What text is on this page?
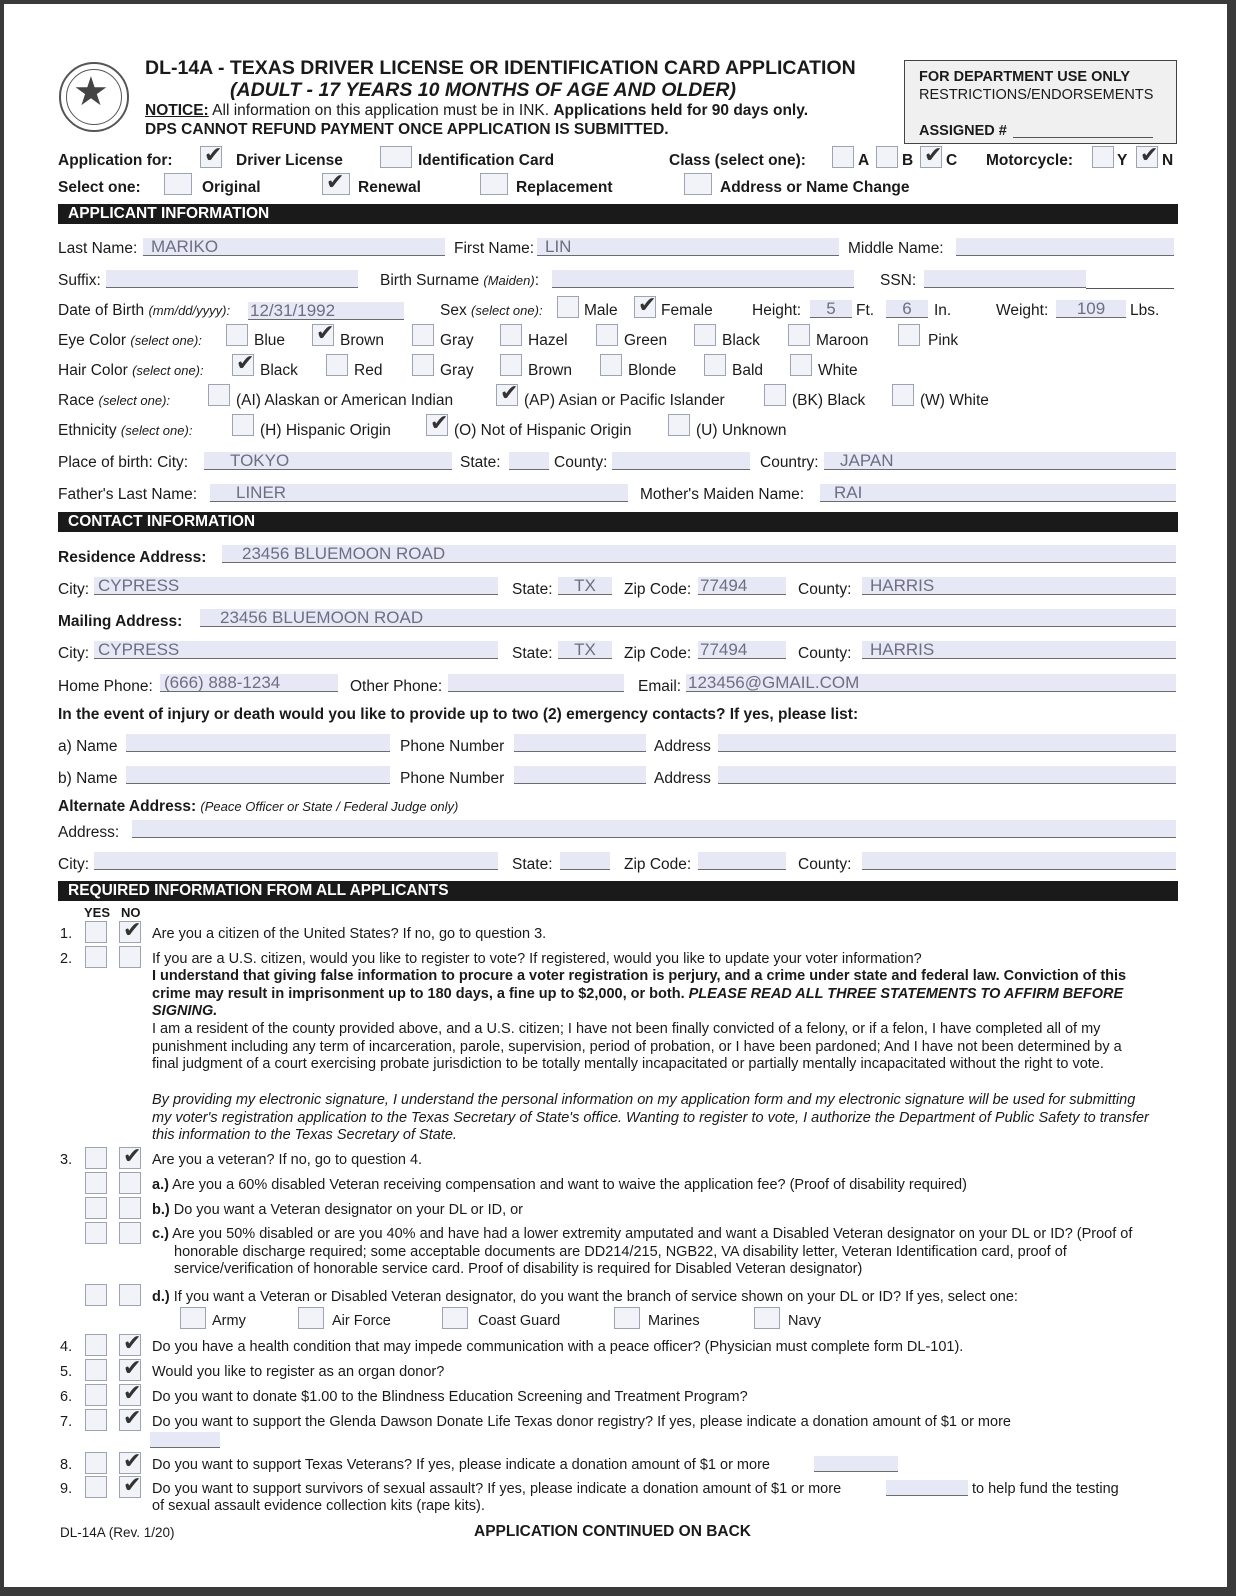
★
DL-14A - TEXAS DRIVER LICENSE OR IDENTIFICATION CARD APPLICATION
(ADULT - 17 YEARS 10 MONTHS OF AGE AND OLDER)
NOTICE: All information on this application must be in INK. Applications held for 90 days only.
DPS CANNOT REFUND PAYMENT ONCE APPLICATION IS SUBMITTED.
FOR DEPARTMENT USE ONLY
RESTRICTIONS/ENDORSEMENTS
ASSIGNED #
Application for: ✔ Driver License	Identification Card	Class (select one):	A B ✔ C Motorcycle:	Y ✔ N
Select one:	Original	✔ Renewal	Replacement	Address or Name Change
APPLICANT INFORMATION
Last Name: MARIKO	First Name: LIN	Middle Name:
Suffix:	Birth Surname (Maiden):	SSN:
Date of Birth (mm/dd/yyyy): 12/31/1992	Sex (select one):	Male ✔ Female	Height:	5	Ft.	6	In.	Weight:	109	Lbs.
Eye Color (select one):	Blue ✔ Brown	Gray	Hazel	Green	Black	Maroon	Pink
Hair Color (select one): ✔ Black	Red	Gray	Brown	Blonde	Bald	White
Race (select one):	(AI) Alaskan or American Indian ✔ (AP) Asian or Pacific Islander	(BK) Black	(W) White
Ethnicity (select one):	(H) Hispanic Origin ✔ (O) Not of Hispanic Origin	(U) Unknown
Place of birth: City:	TOKYO	State:	County:	Country:	JAPAN
Father's Last Name:	LINER	Mother's Maiden Name:	RAI
CONTACT INFORMATION
Residence Address:	23456 BLUEMOON ROAD
City: CYPRESS	State:	TX	Zip Code: 77494	County:	HARRIS
Mailing Address:	23456 BLUEMOON ROAD
City: CYPRESS	State:	TX	Zip Code: 77494	County:	HARRIS
Home Phone: (666) 888-1234	Other Phone:	Email: 123456@GMAIL.COM
In the event of injury or death would you like to provide up to two (2) emergency contacts? If yes, please list:
a) Name	Phone Number	Address
b) Name	Phone Number	Address
Alternate Address: (Peace Officer or State / Federal Judge only)
Address:
City:	State:	Zip Code:	County:
REQUIRED INFORMATION FROM ALL APPLICANTS
YES NO
1. ✔ Are you a citizen of the United States? If no, go to question 3.
2.	If you are a U.S. citizen, would you like to register to vote? If registered, would you like to update your voter information?
I understand that giving false information to procure a voter registration is perjury, and a crime under state and federal law. Conviction of this crime may result in imprisonment up to 180 days, a fine up to $2,000, or both. PLEASE READ ALL THREE STATEMENTS TO AFFIRM BEFORE SIGNING.
I am a resident of the county provided above, and a U.S. citizen; I have not been finally convicted of a felony, or if a felon, I have completed all of my punishment including any term of incarceration, parole, supervision, period of probation, or I have been pardoned; And I have not been determined by a final judgment of a court exercising probate jurisdiction to be totally mentally incapacitated or partially mentally incapacitated without the right to vote.
By providing my electronic signature, I understand the personal information on my application form and my electronic signature will be used for submitting my voter's registration application to the Texas Secretary of State's office. Wanting to register to vote, I authorize the Department of Public Safety to transfer this information to the Texas Secretary of State.
3. ✔ Are you a veteran? If no, go to question 4.
a.) Are you a 60% disabled Veteran receiving compensation and want to waive the application fee? (Proof of disability required)
b.) Do you want a Veteran designator on your DL or ID, or
c.) Are you 50% disabled or are you 40% and have had a lower extremity amputated and want a Disabled Veteran designator on your DL or ID? (Proof of honorable discharge required; some acceptable documents are DD214/215, NGB22, VA disability letter, Veteran Identification card, proof of service/verification of honorable service card. Proof of disability is required for Disabled Veteran designator)
d.) If you want a Veteran or Disabled Veteran designator, do you want the branch of service shown on your DL or ID? If yes, select one:
Army	Air Force	Coast Guard	Marines	Navy
4. ✔ Do you have a health condition that may impede communication with a peace officer? (Physician must complete form DL-101).
5. ✔ Would you like to register as an organ donor?
6. ✔ Do you want to donate $1.00 to the Blindness Education Screening and Treatment Program?
7. ✔ Do you want to support the Glenda Dawson Donate Life Texas donor registry? If yes, please indicate a donation amount of $1 or more
8. ✔ Do you want to support Texas Veterans? If yes, please indicate a donation amount of $1 or more
9. ✔ Do you want to support survivors of sexual assault? If yes, please indicate a donation amount of $1 or more	to help fund the testing
of sexual assault evidence collection kits (rape kits).
DL-14A (Rev. 1/20)	APPLICATION CONTINUED ON BACK
